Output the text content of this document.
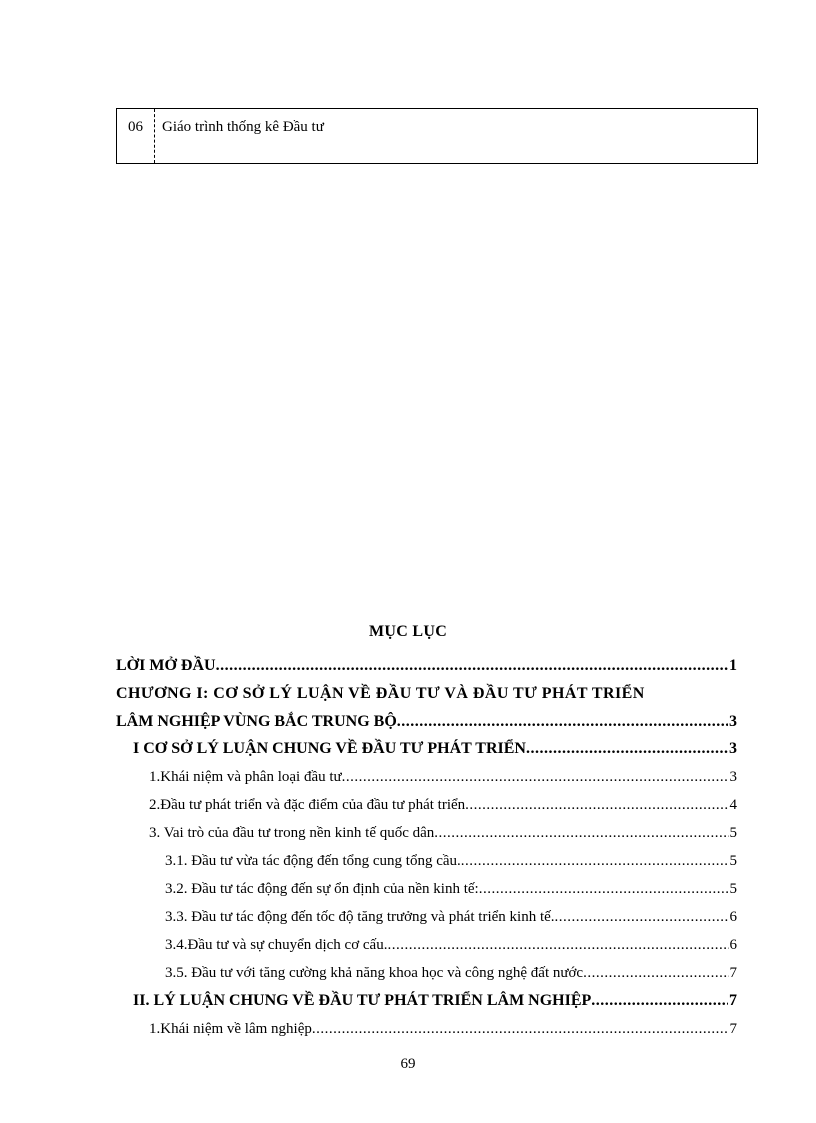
06	Giáo trình thống kê Đầu tư
MỤC LỤC
LỜI MỞ ĐẦU .....	1
CHƯƠNG I: CƠ SỞ LÝ LUẬN VỀ ĐẦU TƯ VÀ ĐẦU TƯ PHÁT TRIỂN
LÂM NGHIỆP VÙNG BẮC TRUNG BỘ .....	3
I CƠ SỞ LÝ LUẬN CHUNG VỀ ĐẦU TƯ PHÁT TRIỂN .....	3
1.Khái niệm và phân loại đầu tư .....	3
2.Đầu tư phát triển và đặc điểm của đầu tư phát triển .....	4
3. Vai trò của đầu tư trong nền kinh tế quốc dân .....	5
3.1. Đầu tư vừa tác động đến tổng cung tổng cầu. .....	5
3.2. Đầu tư tác động đến sự ổn định của nền kinh tế: .....	5
3.3. Đầu tư tác động đến tốc độ tăng trưởng và phát triển kinh tế. .....	6
3.4.Đầu tư và sự chuyển dịch cơ cấu. .....	6
3.5. Đầu tư với tăng cường khả năng khoa học và công nghệ đất nước .....	7
II. LÝ LUẬN CHUNG VỀ ĐẦU TƯ PHÁT TRIỂN LÂM NGHIỆP .....	7
1.Khái niệm về lâm nghiệp .....	7
69
